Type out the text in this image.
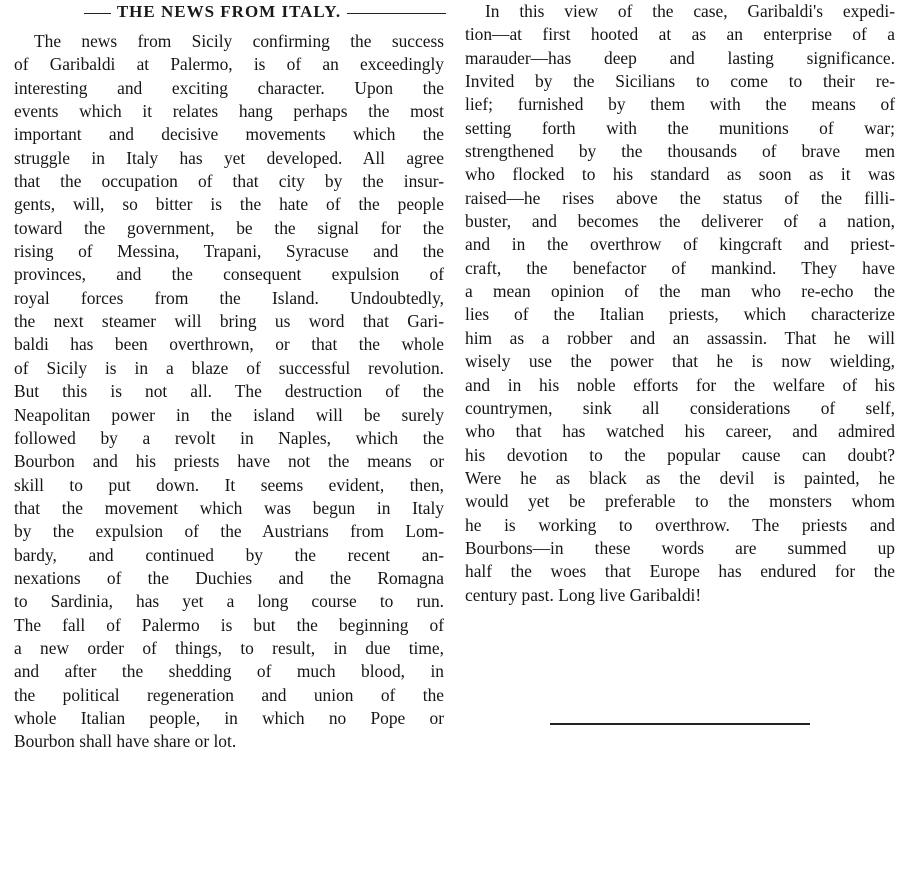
THE NEWS FROM ITALY.
The news from Sicily confirming the success
of Garibaldi at Palermo, is of an exceedingly
interesting and exciting character. Upon the
events which it relates hang perhaps the most
important and decisive movements which the
struggle in Italy has yet developed. All agree
that the occupation of that city by the insur-
gents, will, so bitter is the hate of the people
toward the government, be the signal for the
rising of Messina, Trapani, Syracuse and the
provinces, and the consequent expulsion of
royal forces from the Island. Undoubtedly,
the next steamer will bring us word that Gari-
baldi has been overthrown, or that the whole
of Sicily is in a blaze of successful revolution.
But this is not all. The destruction of the
Neapolitan power in the island will be surely
followed by a revolt in Naples, which the
Bourbon and his priests have not the means or
skill to put down. It seems evident, then,
that the movement which was begun in Italy
by the expulsion of the Austrians from Lom-
bardy, and continued by the recent an-
nexations of the Duchies and the Romagna
to Sardinia, has yet a long course to run.
The fall of Palermo is but the beginning of
a new order of things, to result, in due time,
and after the shedding of much blood, in
the political regeneration and union of the
whole Italian people, in which no Pope or
Bourbon shall have share or lot.
In this view of the case, Garibaldi's expedi-
tion—at first hooted at as an enterprise of a
marauder—has deep and lasting significance.
Invited by the Sicilians to come to their re-
lief; furnished by them with the means of
setting forth with the munitions of war;
strengthened by the thousands of brave men
who flocked to his standard as soon as it was
raised—he rises above the status of the filli-
buster, and becomes the deliverer of a nation,
and in the overthrow of kingcraft and priest-
craft, the benefactor of mankind. They have
a mean opinion of the man who re-echo the
lies of the Italian priests, which characterize
him as a robber and an assassin. That he will
wisely use the power that he is now wielding,
and in his noble efforts for the welfare of his
countrymen, sink all considerations of self,
who that has watched his career, and admired
his devotion to the popular cause can doubt?
Were he as black as the devil is painted, he
would yet be preferable to the monsters whom
he is working to overthrow. The priests and
Bourbons—in these words are summed up
half the woes that Europe has endured for the
century past. Long live Garibaldi!
